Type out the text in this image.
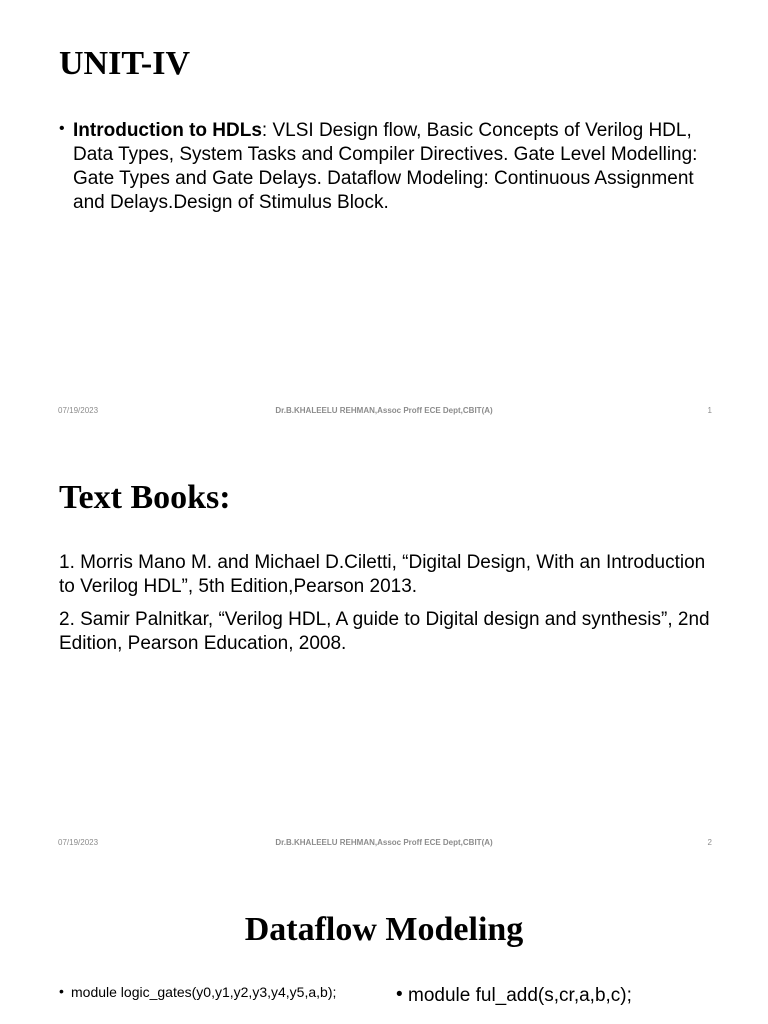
UNIT-IV
• Introduction to HDLs: VLSI Design flow, Basic Concepts of Verilog HDL, Data Types, System Tasks and Compiler Directives. Gate Level Modelling: Gate Types and Gate Delays. Dataflow Modeling: Continuous Assignment and Delays.Design of Stimulus Block.
07/19/2023	Dr.B.KHALEELU REHMAN,Assoc Proff ECE Dept,CBIT(A)	1
Text Books:

1. Morris Mano M. and Michael D.Ciletti, “Digital Design, With an Introduction to Verilog HDL”, 5th Edition,Pearson 2013.

2. Samir Palnitkar, “Verilog HDL, A guide to Digital design and synthesis”, 2nd Edition, Pearson Education, 2008.

07/19/2023	Dr.B.KHALEELU REHMAN,Assoc Proff ECE Dept,CBIT(A)	2
Dataflow Modeling
• module logic_gates(y0,y1,y2,y3,y4,y5,a,b);
•	module ful_add(s,cr,a,b,c);
